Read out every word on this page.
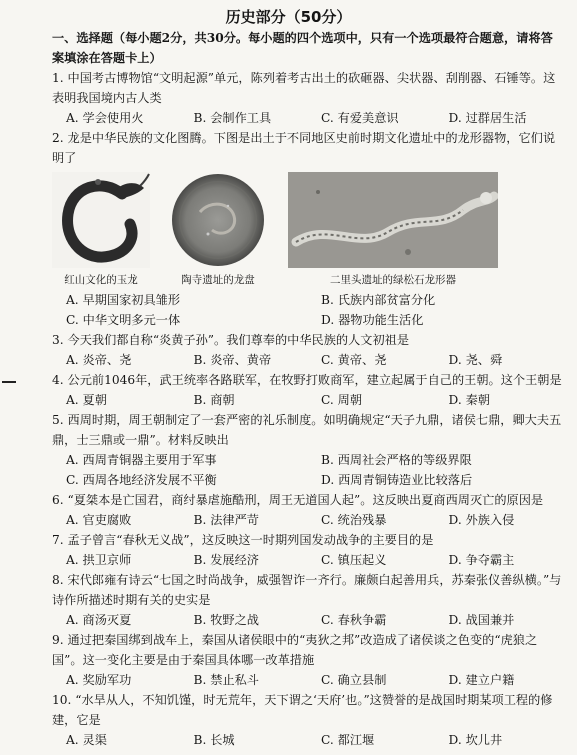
历史部分（50分）

一、选择题（每小题2分，共30分。每小题的四个选项中，只有一个选项最符合题意，请将答案填涂在答题卡上）

1. 中国考古博物馆“文明起源”单元，陈列着考古出土的砍砸器、尖状器、刮削器、石锤等。这表明我国境内古人类

A. 学会使用火	B. 会制作工具	C. 有爱美意识	D. 过群居生活

2. 龙是中华民族的文化图腾。下图是出土于不同地区史前时期文化遗址中的龙形器物，它们说明了

红山文化的玉龙	陶寺遗址的龙盘	二里头遗址的绿松石龙形器
A. 早期国家初具雏形	B. 氏族内部贫富分化
C. 中华文明多元一体	D. 器物功能生活化

3. 今天我们都自称“炎黄子孙”。我们尊奉的中华民族的人文初祖是

A. 炎帝、尧	B. 炎帝、黄帝	C. 黄帝、尧	D. 尧、舜

4. 公元前1046年，武王统率各路联军，在牧野打败商军，建立起属于自己的王朝。这个王朝是

A. 夏朝	B. 商朝	C. 周朝	D. 秦朝

5. 西周时期，周王朝制定了一套严密的礼乐制度。如明确规定“天子九鼎，诸侯七鼎，卿大夫五鼎，士三鼎或一鼎”。材料反映出

A. 西周青铜器主要用于军事	B. 西周社会严格的等级界限
C. 西周各地经济发展不平衡	D. 西周青铜铸造业比较落后

6. “夏桀本是亡国君，商纣暴虐施酷刑，周王无道国人起”。这反映出夏商西周灭亡的原因是

A. 官吏腐败	B. 法律严苛	C. 统治残暴	D. 外族入侵

7. 孟子曾言“春秋无义战”，这反映这一时期列国发动战争的主要目的是

A. 拱卫京师	B. 发展经济	C. 镇压起义	D. 争夺霸主

8. 宋代郎雍有诗云“七国之时尚战争，威强智诈一齐行。廉颇白起善用兵，苏秦张仪善纵横。”与诗作所描述时期有关的史实是

A. 商汤灭夏	B. 牧野之战	C. 春秋争霸	D. 战国兼并

9. 通过把秦国绑到战车上，秦国从诸侯眼中的“夷狄之邦”改造成了诸侯谈之色变的“虎狼之国”。这一变化主要是由于秦国具体哪一改革措施

A. 奖励军功	B. 禁止私斗	C. 确立县制	D. 建立户籍

10. “水旱从人，不知饥馑，时无荒年，天下谓之‘天府’也。”这赞誉的是战国时期某项工程的修建，它是

A. 灵渠	B. 长城	C. 都江堰	D. 坎儿井
